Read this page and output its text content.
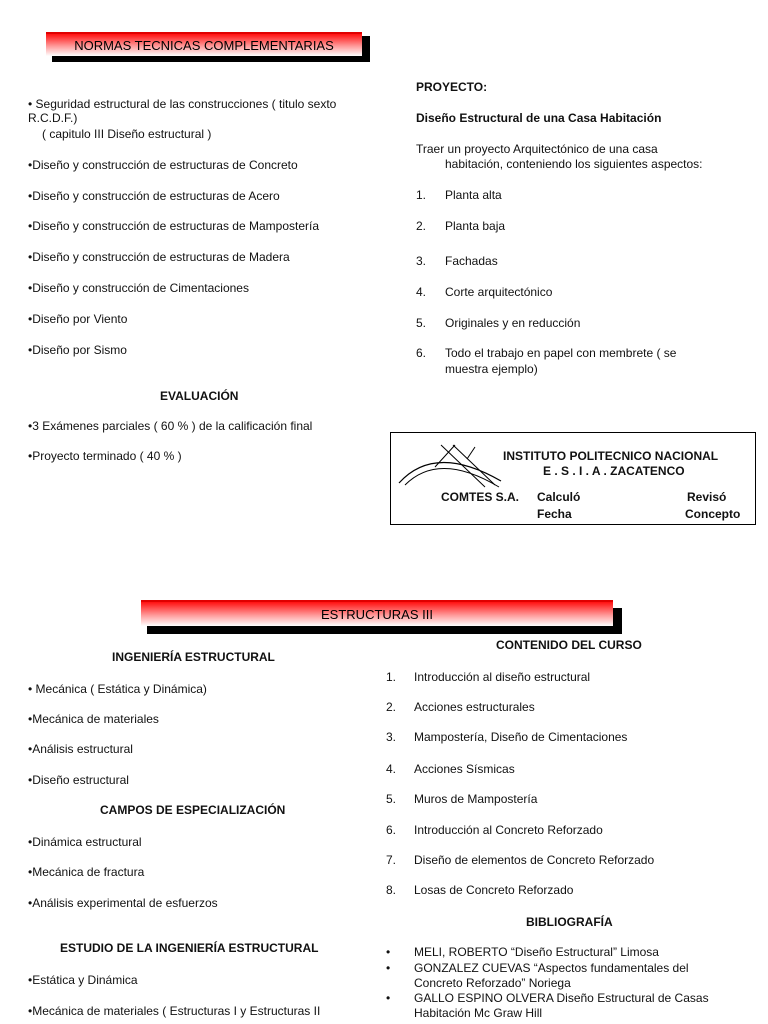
NORMAS TECNICAS COMPLEMENTARIAS
• Seguridad estructural de las construcciones ( titulo sexto
R.C.D.F.)
( capitulo III Diseño estructural )
•Diseño y construcción de estructuras de Concreto
•Diseño y construcción de estructuras de Acero
•Diseño y construcción de estructuras de Mampostería
•Diseño y construcción de estructuras de Madera
•Diseño y construcción de Cimentaciones
•Diseño por Viento
•Diseño por Sismo
EVALUACIÓN
•3 Exámenes parciales ( 60 % ) de la calificación final
•Proyecto terminado ( 40 % )
PROYECTO:
Diseño Estructural de una Casa Habitación
Traer un proyecto Arquitectónico de una casa
habitación, conteniendo los siguientes aspectos:
1. Planta alta
2. Planta baja
3. Fachadas
4. Corte arquitectónico
5. Originales y en reducción
6. Todo el trabajo en papel con membrete ( se
muestra ejemplo)
INSTITUTO POLITECNICO NACIONAL
E . S . I . A . ZACATENCO
COMTES S.A. Calculó
Fecha
Revisó
Concepto
ESTRUCTURAS III
INGENIERÍA ESTRUCTURAL
• Mecánica ( Estática y Dinámica)
•Mecánica de materiales
•Análisis estructural
•Diseño estructural
CAMPOS DE ESPECIALIZACIÓN
•Dinámica estructural
•Mecánica de fractura
•Análisis experimental de esfuerzos
ESTUDIO DE LA INGENIERÍA ESTRUCTURAL
•Estática y Dinámica
•Mecánica de materiales ( Estructuras I y Estructuras II
CONTENIDO DEL CURSO
1. Introducción al diseño estructural
2. Acciones estructurales
3. Mampostería, Diseño de Cimentaciones
4. Acciones Sísmicas
5. Muros de Mampostería
6. Introducción al Concreto Reforzado
7. Diseño de elementos de Concreto Reforzado
8. Losas de Concreto Reforzado
BIBLIOGRAFÍA
• MELI, ROBERTO “Diseño Estructural” Limosa
• GONZALEZ CUEVAS “Aspectos fundamentales del
Concreto Reforzado” Noriega
• GALLO ESPINO OLVERA Diseño Estructural de Casas
Habitación Mc Graw Hill
